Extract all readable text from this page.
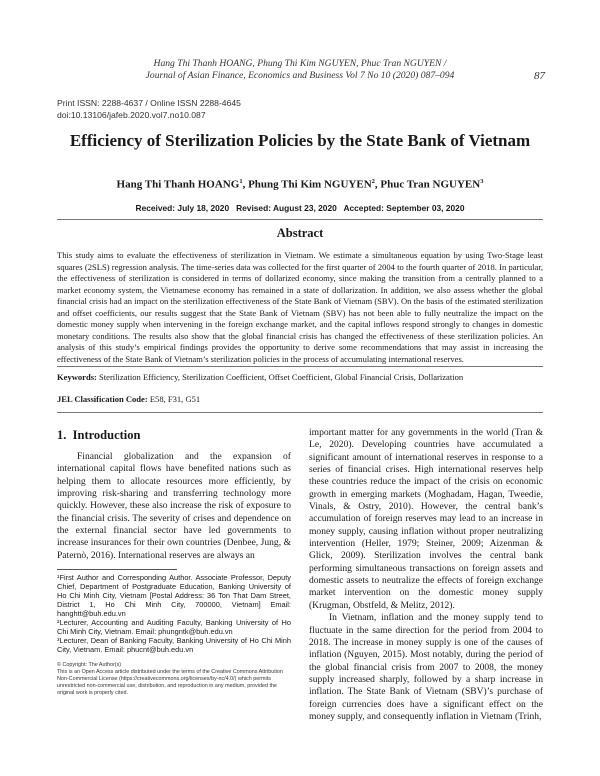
Hang Thi Thanh HOANG, Phung Thi Kim NGUYEN, Phuc Tran NGUYEN /
Journal of Asian Finance, Economics and Business Vol 7 No 10 (2020) 087–094	87
Print ISSN: 2288-4637 / Online ISSN 2288-4645
doi:10.13106/jafeb.2020.vol7.no10.087
Efficiency of Sterilization Policies by the State Bank of Vietnam
Hang Thi Thanh HOANG$^1$, Phung Thi Kim NGUYEN$^2$, Phuc Tran NGUYEN$^3$
Received: July 18, 2020   Revised: August 23, 2020   Accepted: September 03, 2020
Abstract
This study aims to evaluate the effectiveness of sterilization in Vietnam. We estimate a simultaneous equation by using Two-Stage least squares (2SLS) regression analysis. The time-series data was collected for the first quarter of 2004 to the fourth quarter of 2018. In particular, the effectiveness of sterilization is considered in terms of dollarized economy, since making the transition from a centrally planned to a market economy system, the Vietnamese economy has remained in a state of dollarization. In addition, we also assess whether the global financial crisis had an impact on the sterilization effectiveness of the State Bank of Vietnam (SBV). On the basis of the estimated sterilization and offset coefficients, our results suggest that the State Bank of Vietnam (SBV) has not been able to fully neutralize the impact on the domestic money supply when intervening in the foreign exchange market, and the capital inflows respond strongly to changes in domestic monetary conditions. The results also show that the global financial crisis has changed the effectiveness of these sterilization policies. An analysis of this study’s empirical findings provides the opportunity to derive some recommendations that may assist in increasing the effectiveness of the State Bank of Vietnam’s sterilization policies in the process of accumulating international reserves.
Keywords: Sterilization Efficiency, Sterilization Coefficient, Offset Coefficient, Global Financial Crisis, Dollarization
JEL Classification Code: E58, F31, G51
1.  Introduction
Financial globalization and the expansion of international capital flows have benefited nations such as helping them to allocate resources more efficiently, by improving risk-sharing and transferring technology more quickly. However, these also increase the risk of exposure to the financial crisis. The severity of crises and dependence on the external financial sector have led governments to increase insurances for their own countries (Denbee, Jung, & Paternò, 2016). International reserves are always an

important matter for any governments in the world (Tran & Le, 2020). Developing countries have accumulated a significant amount of international reserves in response to a series of financial crises. High international reserves help these countries reduce the impact of the crisis on economic growth in emerging markets (Moghadam, Hagan, Tweedie, Vinals, & Ostry, 2010). However, the central bank’s accumulation of foreign reserves may lead to an increase in money supply, causing inflation without proper neutralizing intervention (Heller, 1979; Steiner, 2009; Aizenman & Glick, 2009). Sterilization involves the central bank performing simultaneous transactions on foreign assets and domestic assets to neutralize the effects of foreign exchange market intervention on the domestic money supply (Krugman, Obstfeld, & Melitz, 2012).

In Vietnam, inflation and the money supply tend to fluctuate in the same direction for the period from 2004 to 2018. The increase in money supply is one of the causes of inflation (Nguyen, 2015). Most notably, during the period of the global financial crisis from 2007 to 2008, the money supply increased sharply, followed by a sharp increase in inflation. The State Bank of Vietnam (SBV)’s purchase of foreign currencies does have a significant effect on the money supply, and consequently inflation in Vietnam (Trinh,

¹First Author and Corresponding Author. Associate Professor, Deputy Chief, Department of Postgraduate Education, Banking University of Ho Chi Minh City, Vietnam [Postal Address: 36 Ton That Dam Street, District 1, Ho Chi Minh City, 700000, Vietnam] Email: hanghtt@buh.edu.vn
²Lecturer, Accounting and Auditing Faculty, Banking University of Ho Chi Minh City, Vietnam. Email: phungntk@buh.edu.vn
³Lecturer, Dean of Banking Faculty, Banking University of Ho Chi Minh City, Vietnam. Email: phucnt@buh.edu.vn
© Copyright: The Author(s)
This is an Open Access article distributed under the terms of the Creative Commons Attribution Non-Commercial License (https://creativecommons.org/licenses/by-nc/4.0/) which permits unrestricted non-commercial use, distribution, and reproduction in any medium, provided the original work is properly cited.
